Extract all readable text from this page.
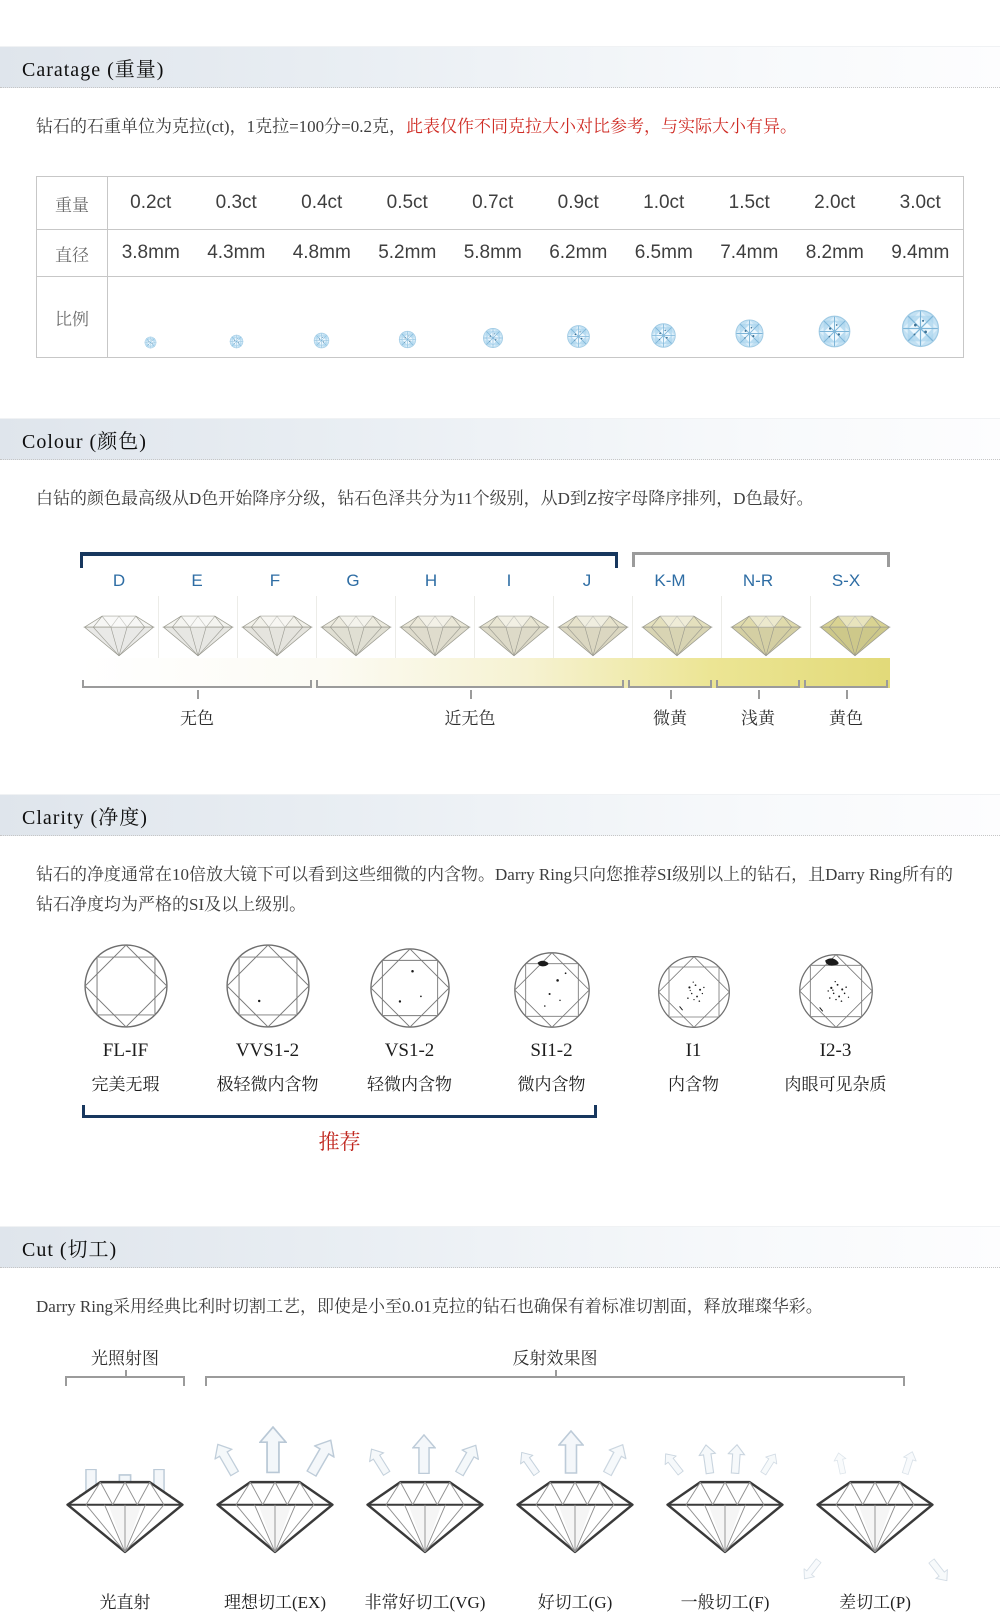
Caratage (重量)

钻石的石重单位为克拉(ct)，1克拉=100分=0.2克，此表仅作不同克拉大小对比参考，与实际大小有异。

重量	0.2ct	0.3ct	0.4ct	0.5ct	0.7ct	0.9ct	1.0ct	1.5ct	2.0ct	3.0ct

直径	3.8mm	4.3mm	4.8mm	5.2mm	5.8mm	6.2mm	6.5mm	7.4mm	8.2mm	9.4mm

比例	
Colour (颜色)

白钻的颜色最高级从D色开始降序分级，钻石色泽共分为11个级别，从D到Z按字母降序排列，D色最好。

D	E	F	G	H	I	J	K-M	N-R	S-X
无色	近无色	微黄	浅黄	黄色
Clarity (净度)

钻石的净度通常在10倍放大镜下可以看到这些细微的内含物。Darry Ring只向您推荐SI级别以上的钻石，且Darry Ring所有的钻石净度均为严格的SI及以上级别。

FL-IF
完美无瑕
VVS1-2
极轻微内含物
VS1-2
轻微内含物
SI1-2
微内含物
I1
内含物
I2-3
肉眼可见杂质
推荐
Cut (切工)

Darry Ring采用经典比利时切割工艺，即使是小至0.01克拉的钻石也确保有着标准切割面，释放璀璨华彩。

光照射图	反射效果图
光直射	理想切工(EX) 非常好切工(VG)	好切工(G)	一般切工(F)	差切工(P)
